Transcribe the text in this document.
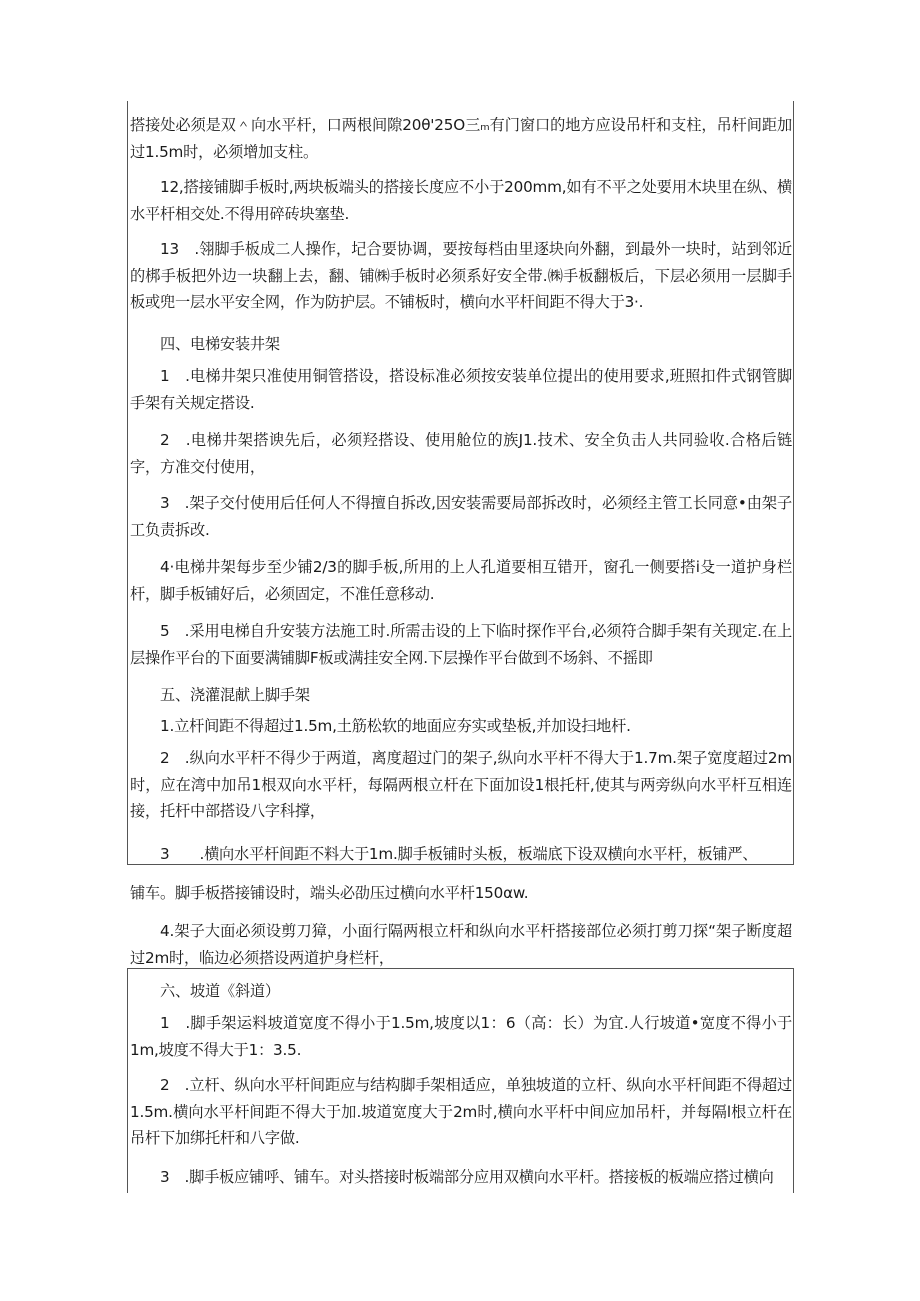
搭接处必须是双＾向水平杆，口两根间隙20θ'25O三ₘ有门窗口的地方应设吊杆和支柱，吊杆间距加过1.5m时，必须增加支柱。

12,搭接铺脚手板时,两块板端头的搭接长度应不小于200mm,如有不平之处要用木块里在纵、横水平杆相交处.不得用碎砖块塞垫.

13　.翎脚手板成二人操作，圮合要协调，要按每档由里逐块向外翻，到最外一块时，站到邻近的梆手板把外边一块翻上去，翻、铺㈱手板时必须系好安全带.㈱手板翻板后，下层必须用一层脚手板或兜一层水平安全网，作为防护层。不铺板时，横向水平杆间距不得大于3·.

四、电梯安装井架

1　.电梯井架只准使用铜管搭设，搭设标准必须按安装单位提出的使用要求,班照扣件式钢管脚手架有关规定搭设.

2　.电梯井架搭谀先后，必须羟搭设、使用舱位的族J1.技术、安全负击人共同验收.合格后链字，方准交付使用，

3　.架子交付使用后任何人不得擅自拆改,因安装需要局部拆改时，必须经主管工长同意•由架子工负责拆改.

4·电梯井架每步至少铺2/3的脚手板,所用的上人孔道要相互错开，窗孔一侧要搭i殳一道护身栏杆，脚手板铺好后，必须固定，不准任意移动.

5　.采用电梯自升安装方法施工时.所需击设的上下临时探作平台,必须符合脚手架有关现定.在上层操作平台的下面要满铺脚F板或满挂安全网.下层操作平台做到不场斜、不摇即

五、浇灌混献上脚手架

1.立杆间距不得超过1.5m,土筋松软的地面应夯实或垫板,并加设扫地杆.

2　.纵向水平杆不得少于两道，离度超过门的架子,纵向水平杆不得大于1.7m.架子宽度超过2m时，应在湾中加吊1根双向水平杆，每隔两根立杆在下面加设1根托杆,使其与两旁纵向水平杆互相连接，托杆中部搭设八字科撑，

3　　.横向水平杆间距不料大于1m.脚手板铺时头板，板端底下设双横向水平杆，板铺严、

铺车。脚手板搭接铺设时，端头必劭压过横向水平杆150αw.

4.架子大面必须设剪刀獐，小面行隔两根立杆和纵向水平杆搭接部位必须打剪刀探“架子断度超过2m时，临边必须搭设两道护身栏杆，

六、坡道《斜道）

1　.脚手架运料坡道宽度不得小于1.5m,坡度以1：6（高：长）为宜.人行坡道•宽度不得小于1m,坡度不得大于1：3.5.

2　.立杆、纵向水平杆间距应与结构脚手架相适应，单独坡道的立杆、纵向水平杆间距不得超过1.5m.横向水平杆间距不得大于加.坡道宽度大于2m时,横向水平杆中间应加吊杆，并每隔l根立杆在吊杆下加绑托杆和八字做.

3　.脚手板应铺呼、铺车。对头搭接时板端部分应用双横向水平杆。搭接板的板端应搭过横向
